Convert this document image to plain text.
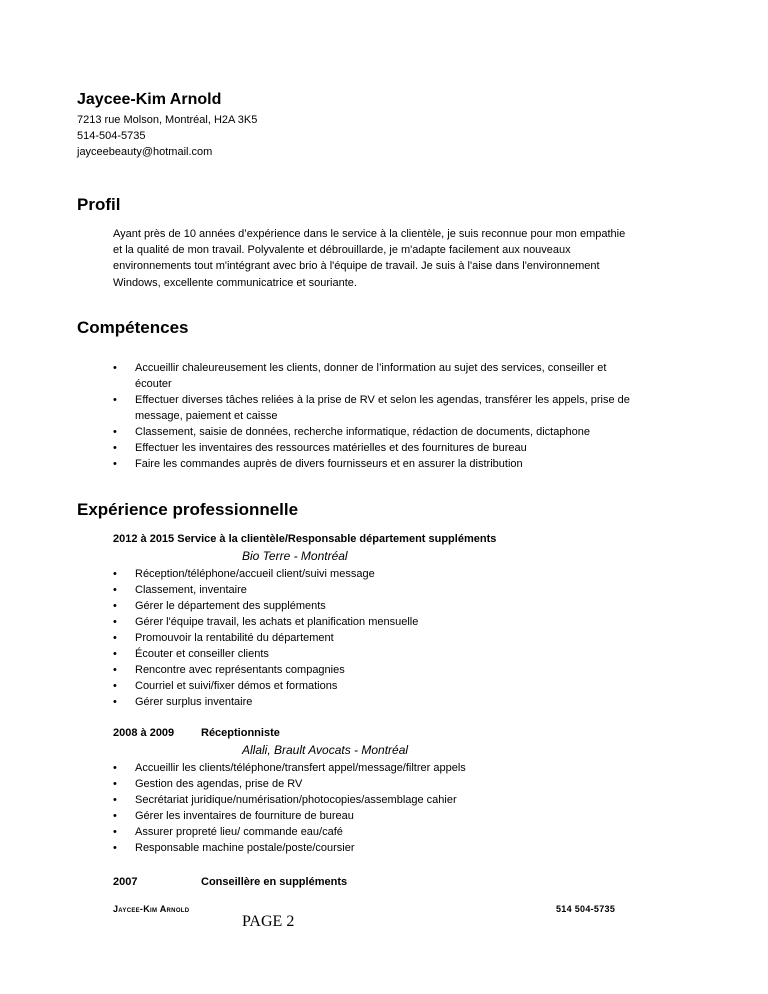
Jaycee-Kim Arnold
7213 rue Molson, Montréal, H2A 3K5
514-504-5735
jayceebeauty@hotmail.com
Profil
Ayant près de 10 années d’expérience dans le service à la clientèle, je suis reconnue pour mon empathie
et la qualité de mon travail. Polyvalente et débrouillarde, je m'adapte facilement aux nouveaux
environnements tout m'intégrant avec brio à l'équipe de travail. Je suis à l'aise dans l'environnement
Windows, excellente communicatrice et souriante.
Compétences
• Accueillir chaleureusement les clients, donner de l’information au sujet des services, conseiller et
écouter
• Effectuer diverses tâches reliées à la prise de RV et selon les agendas, transférer les appels, prise de
message, paiement et caisse
• Classement, saisie de données, recherche informatique, rédaction de documents, dictaphone
• Effectuer les inventaires des ressources matérielles et des fournitures de bureau
• Faire les commandes auprès de divers fournisseurs et en assurer la distribution
Expérience professionnelle
2012 à 2015 Service à la clientèle/Responsable département suppléments
Bio Terre - Montréal
• Réception/téléphone/accueil client/suivi message
• Classement, inventaire
• Gérer le département des suppléments
• Gérer l'équipe travail, les achats et planification mensuelle
• Promouvoir la rentabilité du département
• Écouter et conseiller clients
• Rencontre avec représentants compagnies
• Courriel et suivi/fixer démos et formations
• Gérer surplus inventaire
2008 à 2009 Réceptionniste
Allali, Brault Avocats - Montréal
• Accueillir les clients/téléphone/transfert appel/message/filtrer appels
• Gestion des agendas, prise de RV
• Secrétariat juridique/numérisation/photocopies/assemblage cahier
• Gérer les inventaires de fourniture de bureau
• Assurer propreté lieu/ commande eau/café
• Responsable machine postale/poste/coursier
2007	Conseillère en suppléments
Jaycee-Kim Arnold	514 504-5735
PAGE 2
